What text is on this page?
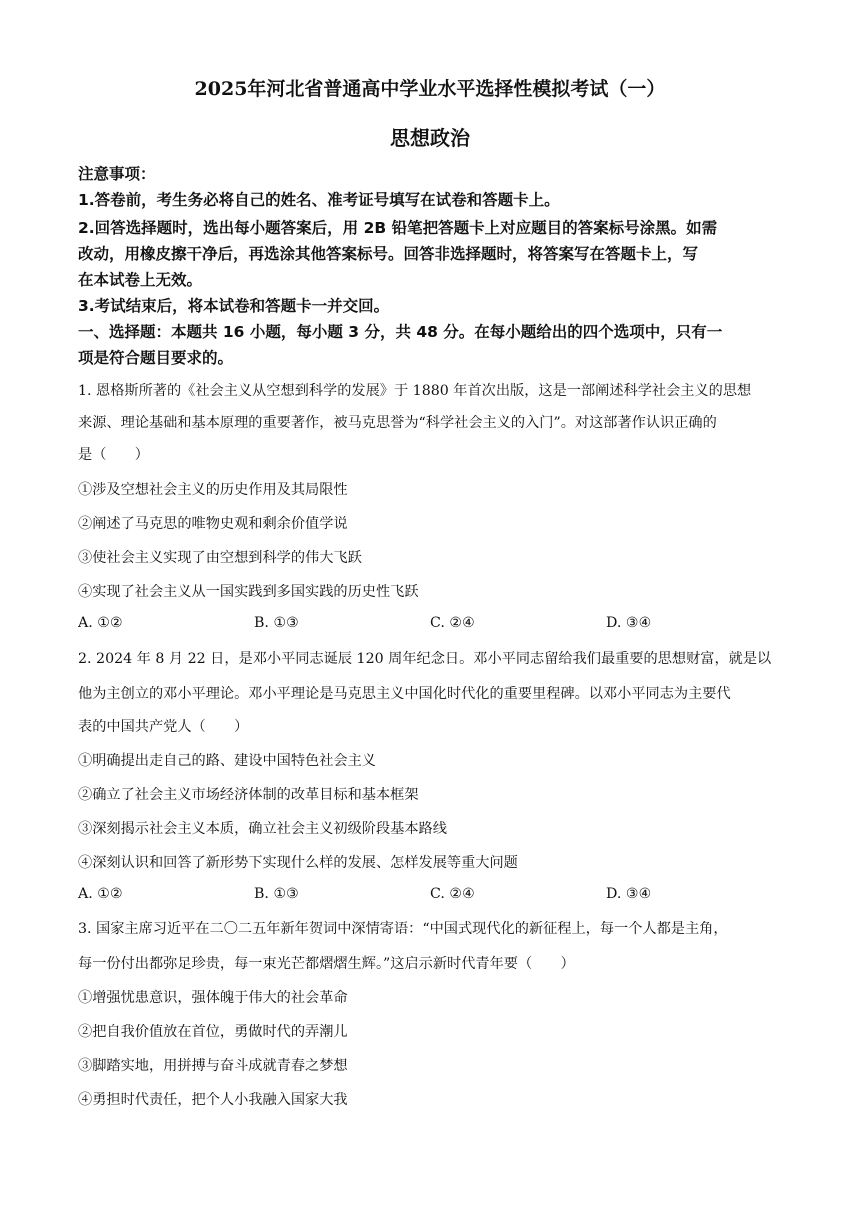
2025年河北省普通高中学业水平选择性模拟考试（一）
思想政治
注意事项：
1.答卷前，考生务必将自己的姓名、准考证号填写在试卷和答题卡上。
2.回答选择题时，选出每小题答案后，用 2B 铅笔把答题卡上对应题目的答案标号涂黑。如需
改动，用橡皮擦干净后，再选涂其他答案标号。回答非选择题时，将答案写在答题卡上，写
在本试卷上无效。
3.考试结束后，将本试卷和答题卡一并交回。
一、选择题：本题共 16 小题，每小题 3 分，共 48 分。在每小题给出的四个选项中，只有一
项是符合题目要求的。
1. 恩格斯所著的《社会主义从空想到科学的发展》于 1880 年首次出版，这是一部阐述科学社会主义的思想
来源、理论基础和基本原理的重要著作，被马克思誉为“科学社会主义的入门”。对这部著作认识正确的
是（　　）
①涉及空想社会主义的历史作用及其局限性
②阐述了马克思的唯物史观和剩余价值学说
③使社会主义实现了由空想到科学的伟大飞跃
④实现了社会主义从一国实践到多国实践的历史性飞跃
A. ①②	B. ①③	C. ②④	D. ③④
2. 2024 年 8 月 22 日，是邓小平同志诞辰 120 周年纪念日。邓小平同志留给我们最重要的思想财富，就是以
他为主创立的邓小平理论。邓小平理论是马克思主义中国化时代化的重要里程碑。以邓小平同志为主要代
表的中国共产党人（　　）
①明确提出走自己的路、建设中国特色社会主义
②确立了社会主义市场经济体制的改革目标和基本框架
③深刻揭示社会主义本质，确立社会主义初级阶段基本路线
④深刻认识和回答了新形势下实现什么样的发展、怎样发展等重大问题
A. ①②	B. ①③	C. ②④	D. ③④
3. 国家主席习近平在二〇二五年新年贺词中深情寄语：“中国式现代化的新征程上，每一个人都是主角，
每一份付出都弥足珍贵，每一束光芒都熠熠生辉。”这启示新时代青年要（　　）
①增强忧患意识，强体魄于伟大的社会革命
②把自我价值放在首位，勇做时代的弄潮儿
③脚踏实地，用拼搏与奋斗成就青春之梦想
④勇担时代责任，把个人小我融入国家大我
